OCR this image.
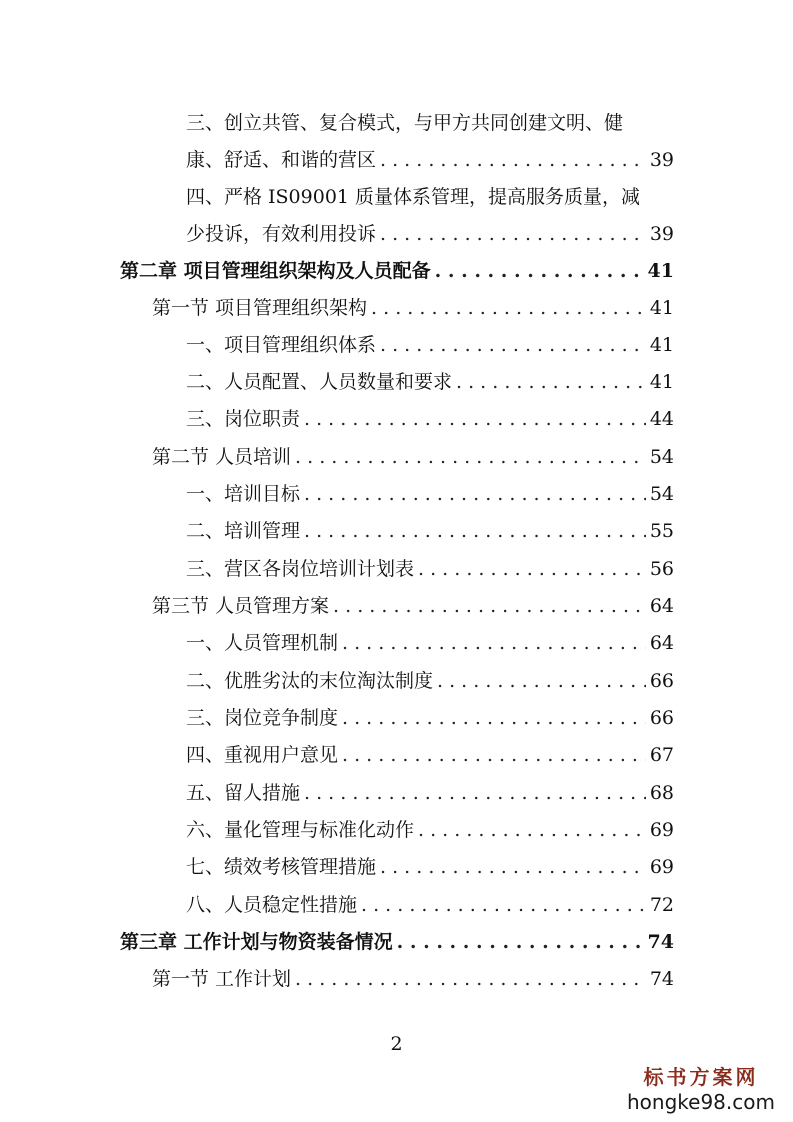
三、创立共管、复合模式，与甲方共同创建文明、健
康、舒适、和谐的营区 . . .	39
四、严格 IS09001 质量体系管理，提高服务质量，减
少投诉，有效利用投诉 . . .	39
第二章 项目管理组织架构及人员配备 . . .	41
第一节 项目管理组织架构 . . .	41
一、项目管理组织体系 . . .	41
二、人员配置、人员数量和要求 . . .	41
三、岗位职责 . . .	44
第二节 人员培训 . . .	54
一、培训目标 . . .	54
二、培训管理 . . .	55
三、营区各岗位培训计划表 . . .	56
第三节 人员管理方案 . . .	64
一、人员管理机制 . . .	64
二、优胜劣汰的末位淘汰制度 . . .	66
三、岗位竞争制度 . . .	66
四、重视用户意见 . . .	67
五、留人措施 . . .	68
六、量化管理与标准化动作 . . .	69
七、绩效考核管理措施 . . .	69
八、人员稳定性措施 . . .	72
第三章 工作计划与物资装备情况 . . .	74
第一节 工作计划 . . .	74
2
标书方案网
hongke98.com
